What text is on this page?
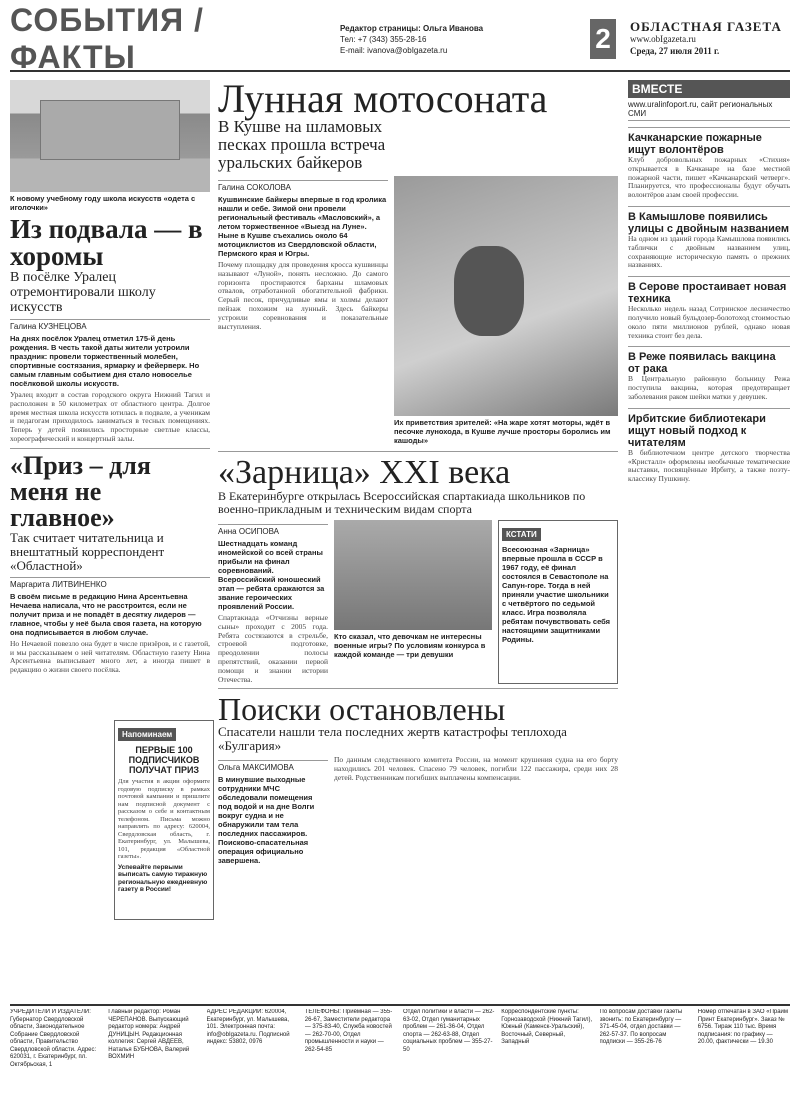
СОБЫТИЯ / ФАКТЫ
Редактор страницы: Ольга Иванова
Тел: +7 (343) 355-28-16
E-mail: ivanova@obIgazeta.ru	2	ОБЛАСТНАЯ ГАЗЕТА
www.obIgazeta.ru
Среда, 27 июля 2011 г.
К новому учебному году школа искусств «одета с иголочки»
Из подвала — в хоромы
В посёлке Уралец отремонтировали школу искусств
Галина КУЗНЕЦОВА
На днях посёлок Уралец отметил 175-й день рождения. В честь такой даты жители устроили праздник: провели торжественный молебен, спортивные состязания, ярмарку и фейерверк. Но самым главным событием дня стало новоселье посёлковой школы искусств.
Уралец входит в состав городского округа Нижний Тагил и расположен в 50 километрах от областного центра. Долгое время местная школа искусств ютилась в подвале, а ученикам и педагогам приходилось заниматься в тесных помещениях. Теперь у детей появились просторные светлые классы, хореографический и концертный залы.
«Приз – для меня не главное»
Так считает читательница и внештатный корреспондент «Областной»
Маргарита ЛИТВИНЕНКО
В своём письме в редакцию Нина Арсентьевна Нечаева написала, что не расстроится, если не получит приза и не попадёт в десятку лидеров — главное, чтобы у неё была своя газета, на которую она подписывается в любом случае.
Но Нечаевой повезло она будет в числе призёров, и с газетой, и мы рассказываем о ней читателям. Областную газету Нина Арсентьевна выписывает много лет, а иногда пишет в редакцию о жизни своего посёлка.
Лунная мотосоната
В Кушве на шламовых песках прошла встреча уральских байкеров
Галина СОКОЛОВА
Кушвинские байкеры впервые в год кролика нашли и себе. Зимой они провели региональный фестиваль «Масловский», а летом торжественное «Выезд на Луне». Ныне в Кушве съехались около 64 мотоциклистов из Свердловской области, Пермского края и Югры.
Почему площадку для проведения кросса кушвинцы называют «Луной», понять несложно. До самого горизонта простираются барханы шламовых отвалов, отработанной обогатительной фабрики. Серый песок, причудливые ямы и холмы делают пейзаж похожим на лунный. Здесь байкеры устроили соревнования и показательные выступления.
Их приветствия зрителей: «На жаре хотят моторы, ждёт в песочке лунохода, в Кушве лучше просторы боролись им кашоды»
«Зарница» XXI века
В Екатеринбурге открылась Всероссийская спартакиада школьников по военно-прикладным и техническим видам спорта
Анна ОСИПОВА
Шестнадцать команд иномейской со всей страны прибыли на финал соревнований. Всероссийский юношеский этап — ребята сражаются за звание героических проявлений России.
Спартакиада «Отчизны верные сыны» проходит с 2005 года. Ребята состязаются в стрельбе, строевой подготовке, преодолении полосы препятствий, оказании первой помощи и знании истории Отечества.
Кто сказал, что девочкам не интересны военные игры? По условиям конкурса в каждой команде — три девушки
КСТАТИ
Всесоюзная «Зарница» впервые прошла в СССР в 1967 году, её финал состоялся в Севастополе на Сапун-горе. Тогда в ней приняли участие школьники с четвёртого по седьмой класс. Игра позволяла ребятам почувствовать себя настоящими защитниками Родины.
Поиски остановлены
Спасатели нашли тела последних жертв катастрофы теплохода «Булгария»
Ольга МАКСИМОВА
В минувшие выходные сотрудники МЧС обследовали помещения под водой и на дне Волги вокруг судна и не обнаружили там тела последних пассажиров. Поисково-спасательная операция официально завершена.
По данным следственного комитета России, на момент крушения судна на его борту находились 201 человек. Спасено 79 человек, погибли 122 пассажира, среди них 28 детей. Родственникам погибших выплачены компенсации.
Напоминаем
ПЕРВЫЕ 100 ПОДПИСЧИКОВ ПОЛУЧАТ ПРИЗ
Для участия в акции оформите годовую подписку в рамках почтовой кампании и пришлите нам подписной документ с рассказом о себе и контактным телефоном. Письма можно направлять по адресу: 620004, Свердловская область, г. Екатеринбург, ул. Малышева, 101, редакция «Областной газеты».
Успевайте первыми выписать самую тиражную региональную ежедневную газету в России!
ВМЕСТЕ
www.uralinfoport.ru, сайт региональных СМИ
Качканарские пожарные ищут волонтёров
Клуб добровольных пожарных «Стихия» открывается в Качканаре на базе местной пожарной части, пишет «Качканарский четверг». Планируется, что профессионалы будут обучать волонтёров азам своей профессии.
В Камышлове появились улицы с двойным названием
На одном из зданий города Камышлова появились таблички с двойным названием улиц, сохраняющие историческую память о прежних названиях.
В Серове простаивает новая техника
Несколько недель назад Сотринское лесничество получило новый бульдозер-болотоход стоимостью около пяти миллионов рублей, однако новая техника стоит без дела.
В Реже появилась вакцина от рака
В Центральную районную больницу Режа поступила вакцина, которая предотвращает заболевания раком шейки матки у девушек.
Ирбитские библиотекари ищут новый подход к читателям
В библиотечном центре детского творчества «Кристалл» оформлены необычные тематические выставки, посвящённые Ирбиту, а также поэту-классику Пушкину.
УЧРЕДИТЕЛИ И ИЗДАТЕЛИ: Губернатор Свердловской области, Законодательное Собрание Свердловской области, Правительство Свердловской области. Адрес: 620031, г. Екатеринбург, пл. Октябрьская, 1
Главный редактор: Роман ЧЕРЕПАНОВ. Выпускающий редактор номера: Андрей ДУНИЦЫН. Редакционная коллегия: Сергей АВДЕЕВ, Наталья БУБНОВА, Валерий ВОХМИН
АДРЕС РЕДАКЦИИ: 620004, Екатеринбург, ул. Малышева, 101. Электронная почта: info@obIgazeta.ru. Подписной индекс: 53802, 0976
ТЕЛЕФОНЫ: Приёмная — 355-26-67, Заместители редактора — 375-83-40, Служба новостей — 262-70-00, Отдел промышленности и науки — 262-54-85
Отдел политики и власти — 262-63-02, Отдел гуманитарных проблем — 261-36-04, Отдел спорта — 262-63-88, Отдел социальных проблем — 355-27-50
Корреспондентские пункты: Горнозаводской (Нижний Тагил), Южный (Каменск-Уральский), Восточный, Северный, Западный
По вопросам доставки газеты звонить: по Екатеринбургу — 371-45-04, отдел доставки — 262-57-37. По вопросам подписки — 355-26-76
Номер отпечатан в ЗАО «Прайм Принт Екатеринбург». Заказ № 6756. Тираж 110 тыс. Время подписания: по графику — 20.00, фактически — 19.30
